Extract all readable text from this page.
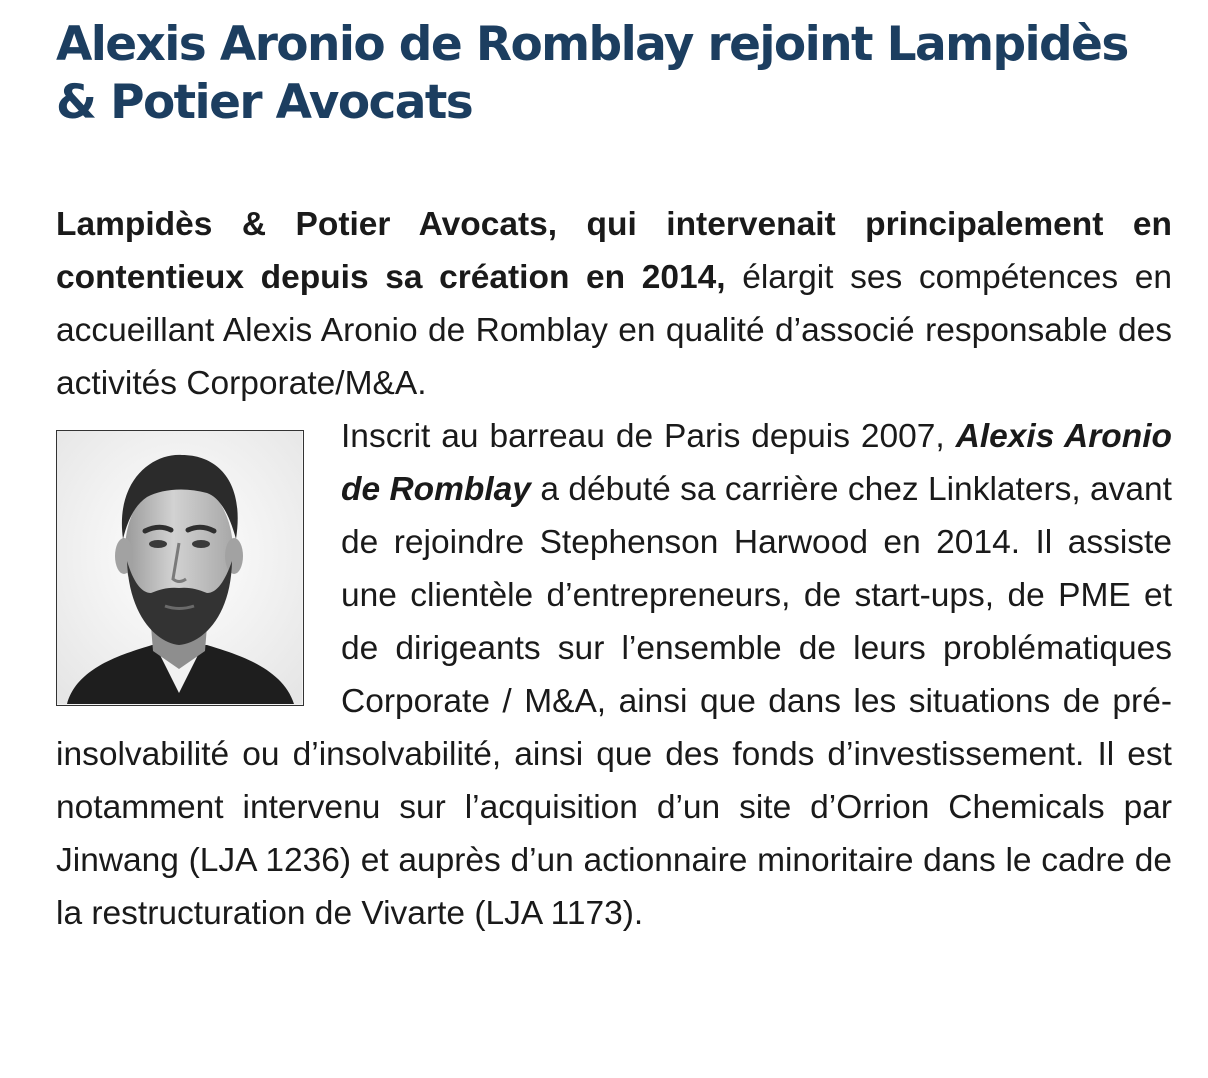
Alexis Aronio de Romblay rejoint Lampidès & Potier Avocats
Lampidès & Potier Avocats, qui intervenait principalement en contentieux depuis sa création en 2014, élargit ses compétences en accueillant Alexis Aronio de Romblay en qualité d’associé responsable des activités Corporate/M&A.

Inscrit au barreau de Paris depuis 2007, Alexis Aronio de Romblay a débuté sa carrière chez Linklaters, avant de rejoindre Stephenson Harwood en 2014. Il assiste une clientèle d’entrepreneurs, de start-ups, de PME et de dirigeants sur l’ensemble de leurs problématiques Corporate / M&A, ainsi que dans les situations de pré-insolvabilité ou d’insolvabilité, ainsi que des fonds d’investissement. Il est notamment intervenu sur l’acquisition d’un site d’Orrion Chemicals par Jinwang (LJA 1236) et auprès d’un actionnaire minoritaire dans le cadre de la restructuration de Vivarte (LJA 1173).
